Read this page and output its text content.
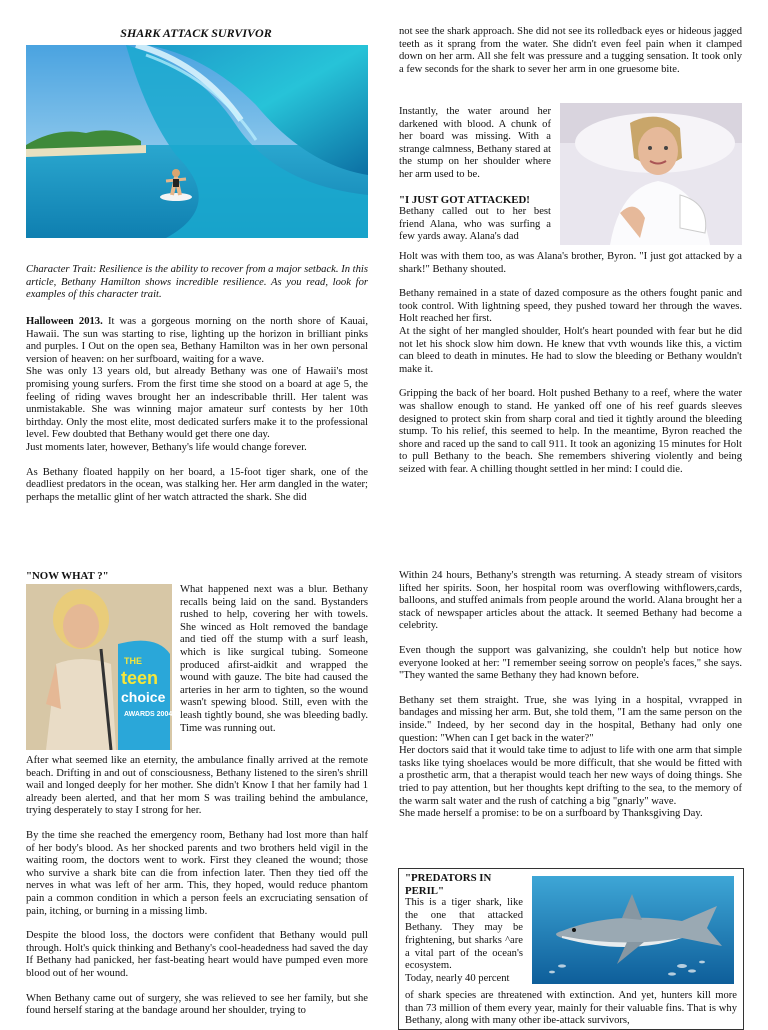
SHARK ATTACK SURVIVOR
Character Trait: Resilience is the ability to recover from a major setback. In this article, Bethany Hamilton shows incredible resilience. As you read, look for examples of this character trait.

Halloween 2013. It was a gorgeous morning on the north shore of Kauai, Hawaii. The sun was starting to rise, lighting up the horizon in brilliant pinks and purples. I Out on the open sea, Bethany Hamilton was in her own personal version of heaven: on her surfboard, waiting for a wave.

She was only 13 years old, but already Bethany was one of Hawaii's most promising young surfers. From the first time she stood on a board at age 5, the feeling of riding waves brought her an indescribable thrill. Her talent was unmistakable. She was winning major amateur surf contests by her 10th birthday. Only the most elite, most dedicated surfers make it to the professional level. Few doubted that Bethany would get there one day.

Just moments later, however, Bethany's life would change forever.

As Bethany floated happily on her board, a 15-foot tiger shark, one of the deadliest predators in the ocean, was stalking her. Her arm dangled in the water; perhaps the metallic glint of her watch attracted the shark. She did

not see the shark approach. She did not see its rolledback eyes or hideous jagged teeth as it sprang from the water. She didn't even feel pain when it clamped down on her arm. All she felt was pressure and a tugging sensation. It took only a few seconds for the shark to sever her arm in one gruesome bite.

Instantly, the water around her darkened with blood. A chunk of her board was missing. With a strange calmness, Bethany stared at the stump on her shoulder where her arm used to be.

"I JUST GOT ATTACKED!

Bethany called out to her best friend Alana, who was surfing a few yards away. Alana's dad

Holt was with them too, as was Alana's brother, Byron. "I just got attacked by a shark!" Bethany shouted.

Bethany remained in a state of dazed composure as the others fought panic and took control. With lightning speed, they pushed toward her through the waves. Holt reached her first.

At the sight of her mangled shoulder, Holt's heart pounded with fear but he did not let his shock slow him down. He knew that vvth wounds like this, a victim can bleed to death in minutes. He had to slow the bleeding or Bethany wouldn't make it.

Gripping the back of her board. Holt pushed Bethany to a reef, where the water was shallow enough to stand. He yanked off one of his reef guards sleeves designed to protect skin from sharp coral and tied it tightly around the bleeding stump. To his relief, this seemed to help. In the meantime, Byron reached the shore and raced up the sand to call 911. It took an agonizing 15 minutes for Holt to pull Bethany to the beach. She remembers shivering violently and being seized with fear. A chilling thought settled in her mind: I could die.

"NOW WHAT ?"
THE
teen
choice
AWARDS 2004

What happened next was a blur. Bethany recalls being laid on the sand. Bystanders rushed to help, covering her with towels. She winced as Holt removed the bandage and tied off the stump with a surf leash, which is like surgical tubing. Someone produced afirst-aidkit and wrapped the wound with gauze. The bite had caused the arteries in her arm to tighten, so the wound wasn't spewing blood. Still, even with the leash tightly bound, she was bleeding badly. Time was running out.

After what seemed like an eternity, the ambulance finally arrived at the remote beach. Drifting in and out of consciousness, Bethany listened to the siren's shrill wail and longed deeply for her mother. She didn't Know I that her family had 1 already been alerted, and that her mom S was trailing behind the ambulance, trying desperately to stay I strong for her.

By the time she reached the emergency room, Bethany had lost more than half of her body's blood. As her shocked parents and two brothers held vigil in the waiting room, the doctors went to work. First they cleaned the wound; those who survive a shark bite can die from infection later. Then they tied off the nerves in what was left of her arm. This, they hoped, would reduce phantom pain a common condition in which a person feels an excruciating sensation of pain, itching, or burning in a missing limb.

Despite the blood loss, the doctors were confident that Bethany would pull through. Holt's quick thinking and Bethany's cool-headedness had saved the day If Bethany had panicked, her fast-beating heart would have pumped even more blood out of her wound.

When Bethany came out of surgery, she was relieved to see her family, but she found herself staring at the bandage around her shoulder, trying to

Within 24 hours, Bethany's strength was returning. A steady stream of visitors lifted her spirits. Soon, her hospital room was overflowing withflowers,cards, balloons, and stuffed animals from people around the world. Alana brought her a stack of newspaper articles about the attack. It seemed Bethany had become a celebrity.

Even though the support was galvanizing, she couldn't help but notice how everyone looked at her: "I remember seeing sorrow on people's faces," she says. "They wanted the same Bethany they had known before.

Bethany set them straight. True, she was lying in a hospital, vvrapped in bandages and missing her arm. But, she told them, "I am the same person on the inside." Indeed, by her second day in the hospital, Bethany had only one question: "When can I get back in the water?"

Her doctors said that it would take time to adjust to life with one arm that simple tasks like tying shoelaces would be more difficult, that she would be fitted with a prosthetic arm, that a therapist would teach her new ways of doing things. She tried to pay attention, but her thoughts kept drifting to the sea, to the memory of the warm salt water and the rush of catching a big "gnarly" wave.

She made herself a promise: to be on a surfboard by Thanksgiving Day.

"PREDATORS IN PERIL"

This is a tiger shark, like the one that attacked Bethany. They may be frightening, but sharks ^are a vital part of the ocean's ecosystem.

Today, nearly 40 percent

of shark species are threatened with extinction. And yet, hunters kill more than 73 million of them every year, mainly for their valuable fins. That is why Bethany, along with many other ibe-attack survivors,
